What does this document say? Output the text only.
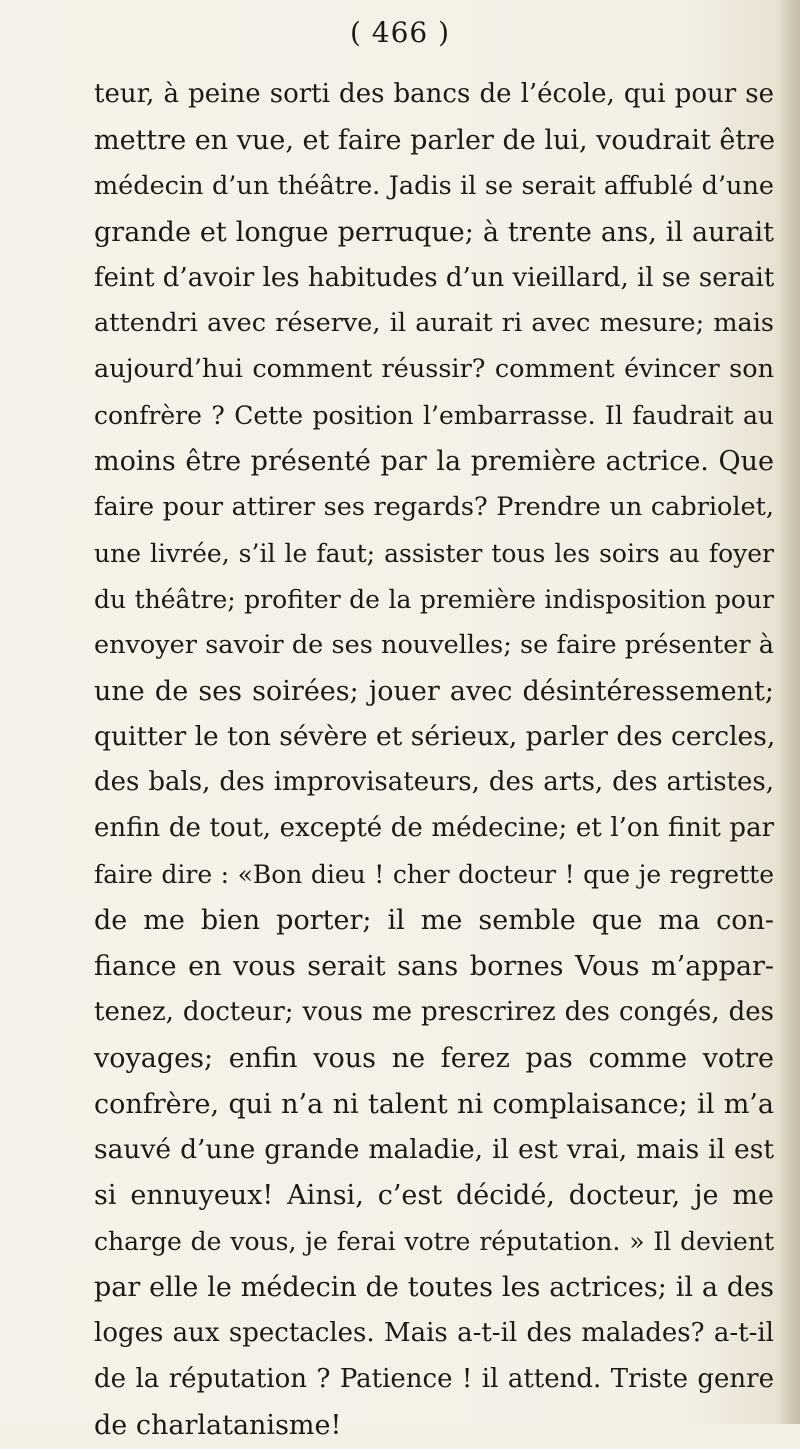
( 466 )
teur, à peine sorti des bancs de l’école, qui pour se
mettre en vue, et faire parler de lui, voudrait être
médecin d’un théâtre. Jadis il se serait affublé d’une
grande et longue perruque; à trente ans, il aurait
feint d’avoir les habitudes d’un vieillard, il se serait
attendri avec réserve, il aurait ri avec mesure; mais
aujourd’hui comment réussir? comment évincer son
confrère ? Cette position l’embarrasse. Il faudrait au
moins être présenté par la première actrice. Que
faire pour attirer ses regards? Prendre un cabriolet,
une livrée, s’il le faut; assister tous les soirs au foyer
du théâtre; profiter de la première indisposition pour
envoyer savoir de ses nouvelles; se faire présenter à
une de ses soirées; jouer avec désintéressement;
quitter le ton sévère et sérieux, parler des cercles,
des bals, des improvisateurs, des arts, des artistes,
enfin de tout, excepté de médecine; et l’on finit par
faire dire : «Bon dieu ! cher docteur ! que je regrette
de me bien porter; il me semble que ma con-
fiance en vous serait sans bornes Vous m’appar-
tenez, docteur; vous me prescrirez des congés, des
voyages; enfin vous ne ferez pas comme votre
confrère, qui n’a ni talent ni complaisance; il m’a
sauvé d’une grande maladie, il est vrai, mais il est
si ennuyeux! Ainsi, c’est décidé, docteur, je me
charge de vous, je ferai votre réputation. » Il devient
par elle le médecin de toutes les actrices; il a des
loges aux spectacles. Mais a-t-il des malades? a-t-il
de la réputation ? Patience ! il attend. Triste genre
de charlatanisme!
